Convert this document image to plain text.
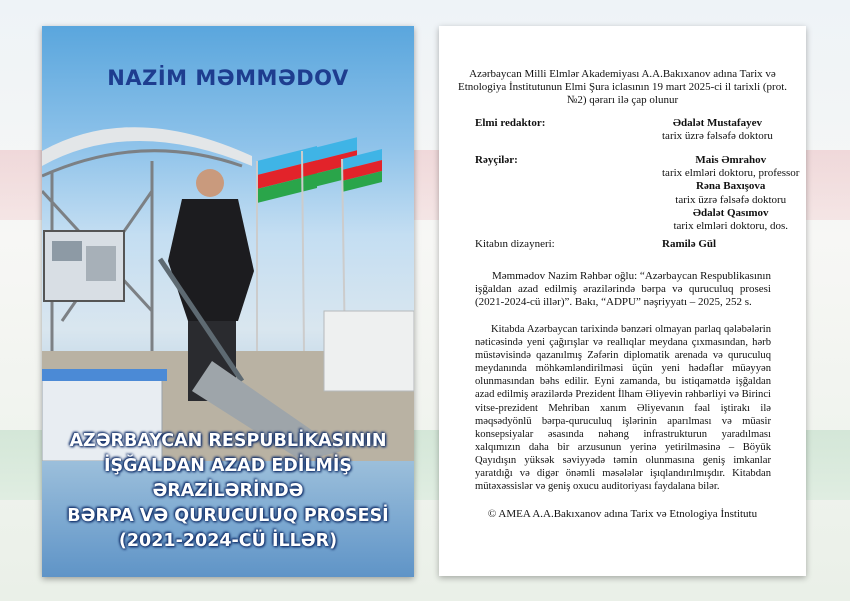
NAZİM MƏMMƏDOV
AZƏRBAYCAN RESPUBLİKASININ
İŞĞALDAN AZAD EDİLMİŞ ƏRAZİLƏRİNDƏ
BƏRPA VƏ QURUCULUQ PROSESİ
(2021-2024-CÜ İLLƏR)
Azərbaycan Milli Elmlər Akademiyası A.A.Bakıxanov adına Tarix və Etnologiya İnstitutunun Elmi Şura iclasının 19 mart 2025-ci il tarixli (prot. №2) qərarı ilə çap olunur
Elmi redaktor:	Ədalət Mustafayev
tarix üzrə fəlsəfə doktoru
Rəyçilər:	Mais Əmrahov
tarix elmləri doktoru, professor
Rəna Baxışova
tarix üzrə fəlsəfə doktoru
Ədalət Qasımov
tarix elmləri doktoru, dos.
Kitabın dizayneri:	Ramilə Gül
Məmmədov Nazim Rəhbər oğlu: “Azərbaycan Respublikasının işğaldan azad edilmiş ərazilərində bərpa və quruculuq prosesi (2021-2024-cü illər)”. Bakı, “ADPU” nəşriyyatı – 2025, 252 s.
Kitabda Azərbaycan tarixində bənzəri olmayan parlaq qələbələrin nəticəsində yeni çağırışlar və reallıqlar meydana çıxmasından, hərb müstəvisində qazanılmış Zəfərin diplomatik arenada və quruculuq meydanında möhkəmləndirilməsi üçün yeni hədəflər müəyyən olunmasından bəhs edilir. Eyni zamanda, bu istiqamətdə işğaldan azad edilmiş ərazilərdə Prezident İlham Əliyevin rəhbərliyi və Birinci vitse-prezident Mehriban xanım Əliyevanın fəal iştirakı ilə məqsədyönlü bərpa-quruculuq işlərinin aparılması və müasir konsepsiyalar əsasında nəhəng infrastrukturun yaradılması xalqımızın daha bir arzusunun yerinə yetirilməsinə – Böyük Qayıdışın yüksək səviyyədə təmin olunmasına geniş imkanlar yaratdığı və digər önəmli məsələlər işıqlandırılmışdır. Kitabdan mütəxəssislər və geniş oxucu auditoriyası faydalana bilər.
© AMEA A.A.Bakıxanov adına Tarix və Etnologiya İnstitutu
